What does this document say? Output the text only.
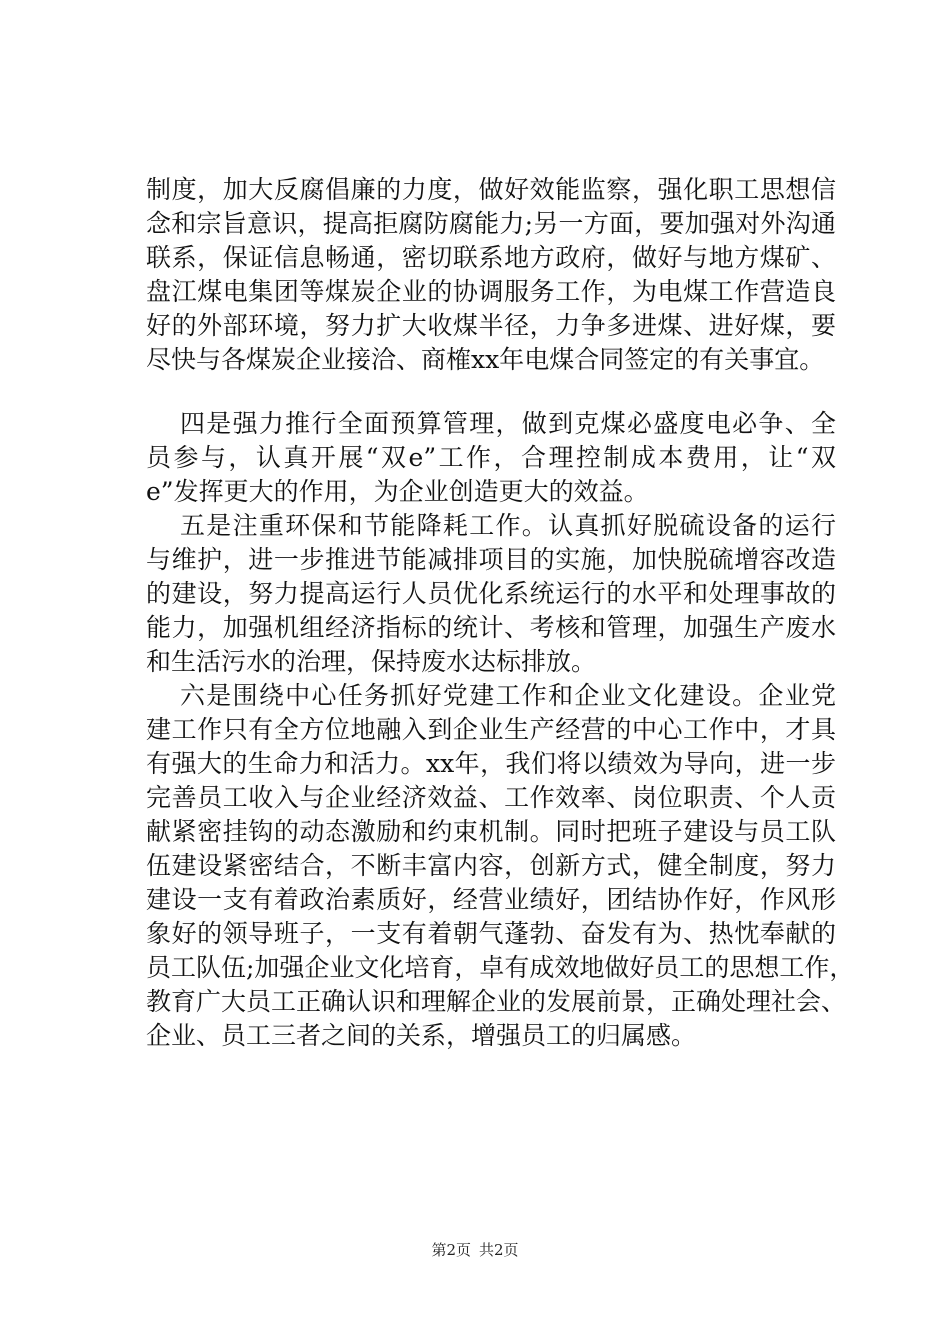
制度，加大反腐倡廉的力度，做好效能监察，强化职工思想信
念和宗旨意识，提高拒腐防腐能力;另一方面，要加强对外沟通
联系，保证信息畅通，密切联系地方政府，做好与地方煤矿、
盘江煤电集团等煤炭企业的协调服务工作，为电煤工作营造良
好的外部环境，努力扩大收煤半径，力争多进煤、进好煤，要
尽快与各煤炭企业接洽、商榷xx年电煤合同签定的有关事宜。
四是强力推行全面预算管理，做到克煤必盛度电必争、全
员参与，认真开展“双e”工作，合理控制成本费用，让“双
e”发挥更大的作用，为企业创造更大的效益。
五是注重环保和节能降耗工作。认真抓好脱硫设备的运行
与维护，进一步推进节能减排项目的实施，加快脱硫增容改造
的建设，努力提高运行人员优化系统运行的水平和处理事故的
能力，加强机组经济指标的统计、考核和管理，加强生产废水
和生活污水的治理，保持废水达标排放。
六是围绕中心任务抓好党建工作和企业文化建设。企业党
建工作只有全方位地融入到企业生产经营的中心工作中，才具
有强大的生命力和活力。xx年，我们将以绩效为导向，进一步
完善员工收入与企业经济效益、工作效率、岗位职责、个人贡
献紧密挂钩的动态激励和约束机制。同时把班子建设与员工队
伍建设紧密结合，不断丰富内容，创新方式，健全制度，努力
建设一支有着政治素质好，经营业绩好，团结协作好，作风形
象好的领导班子，一支有着朝气蓬勃、奋发有为、热忱奉献的
员工队伍;加强企业文化培育，卓有成效地做好员工的思想工作，
教育广大员工正确认识和理解企业的发展前景，正确处理社会、
企业、员工三者之间的关系，增强员工的归属感。
第2页 共2页
